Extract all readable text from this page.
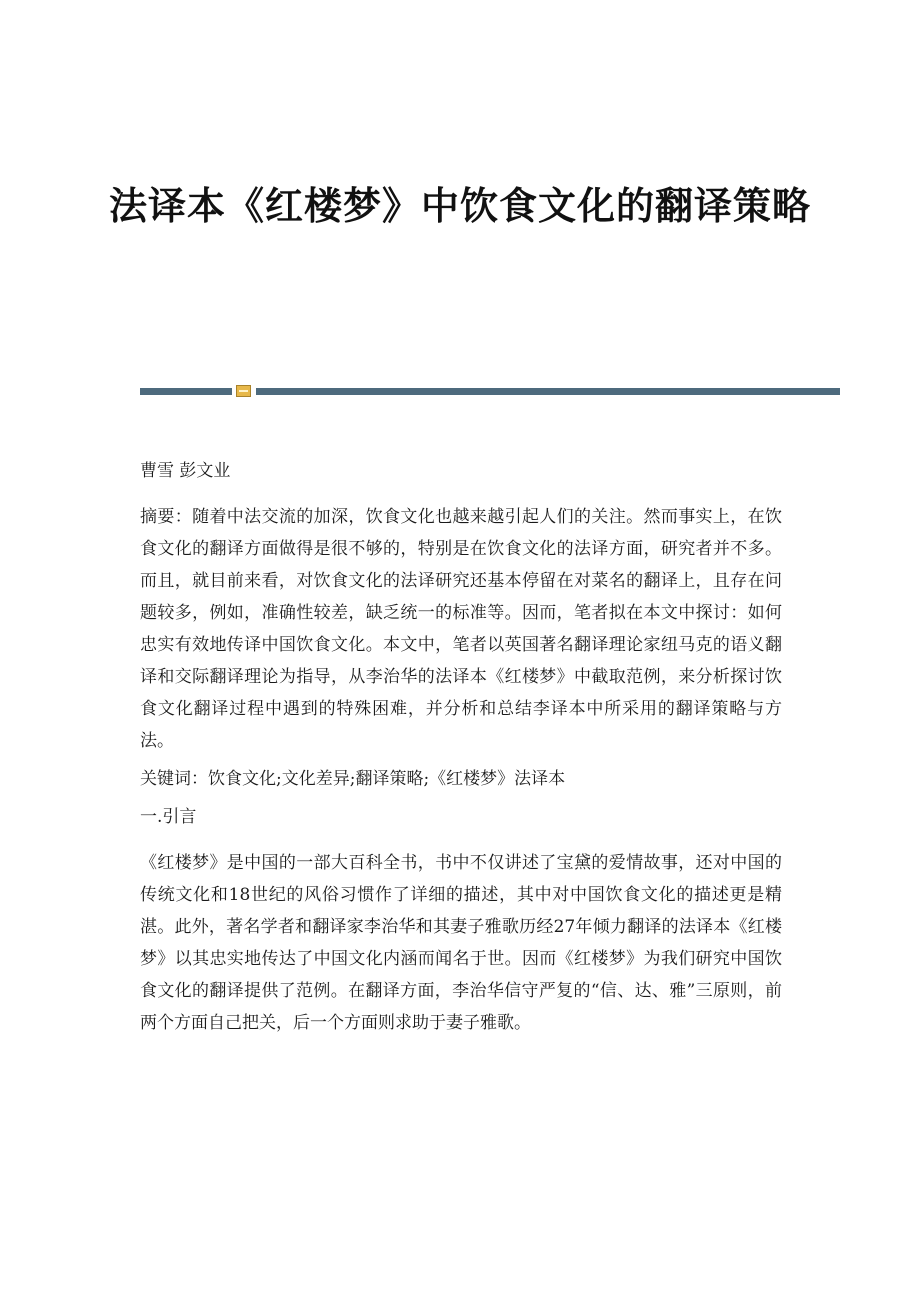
法译本《红楼梦》中饮食文化的翻译策略

曹雪 彭文业

摘要：随着中法交流的加深，饮食文化也越来越引起人们的关注。然而事实上，在饮食文化的翻译方面做得是很不够的，特别是在饮食文化的法译方面，研究者并不多。而且，就目前来看，对饮食文化的法译研究还基本停留在对菜名的翻译上，且存在问题较多，例如，准确性较差，缺乏统一的标准等。因而，笔者拟在本文中探讨：如何忠实有效地传译中国饮食文化。本文中，笔者以英国著名翻译理论家纽马克的语义翻译和交际翻译理论为指导，从李治华的法译本《红楼梦》中截取范例，来分析探讨饮食文化翻译过程中遇到的特殊困难，并分析和总结李译本中所采用的翻译策略与方法。

关键词：饮食文化;文化差异;翻译策略;《红楼梦》法译本

一.引言

《红楼梦》是中国的一部大百科全书，书中不仅讲述了宝黛的爱情故事，还对中国的传统文化和18世纪的风俗习惯作了详细的描述，其中对中国饮食文化的描述更是精湛。此外，著名学者和翻译家李治华和其妻子雅歌历经27年倾力翻译的法译本《红楼梦》以其忠实地传达了中国文化内涵而闻名于世。因而《红楼梦》为我们研究中国饮食文化的翻译提供了范例。在翻译方面，李治华信守严复的“信、达、雅”三原则，前两个方面自己把关，后一个方面则求助于妻子雅歌。
